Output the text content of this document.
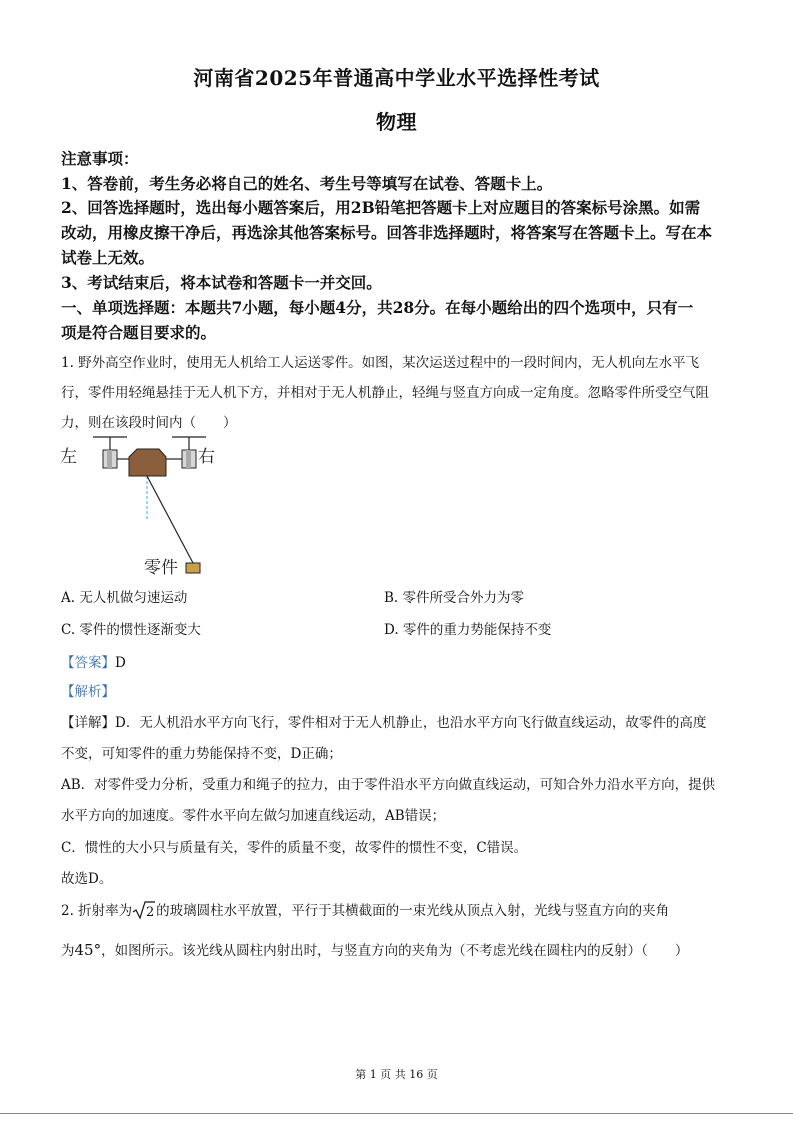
河南省2025年普通高中学业水平选择性考试
物理
注意事项：
1、答卷前，考生务必将自己的姓名、考生号等填写在试卷、答题卡上。
2、回答选择题时，选出每小题答案后，用2B铅笔把答题卡上对应题目的答案标号涂黑。如需
改动，用橡皮擦干净后，再选涂其他答案标号。回答非选择题时，将答案写在答题卡上。写在本
试卷上无效。
3、考试结束后，将本试卷和答题卡一并交回。
一、单项选择题：本题共7小题，每小题4分，共28分。在每小题给出的四个选项中，只有一
项是符合题目要求的。
1. 野外高空作业时，使用无人机给工人运送零件。如图，某次运送过程中的一段时间内，无人机向左水平飞
行，零件用轻绳悬挂于无人机下方，并相对于无人机静止，轻绳与竖直方向成一定角度。忽略零件所受空气阻
力，则在该段时间内（　　）
左	右
零件
A. 无人机做匀速运动	B. 零件所受合外力为零
C. 零件的惯性逐渐变大	D. 零件的重力势能保持不变
【答案】D
【解析】
【详解】D．无人机沿水平方向飞行，零件相对于无人机静止，也沿水平方向飞行做直线运动，故零件的高度
不变，可知零件的重力势能保持不变，D正确；
AB．对零件受力分析，受重力和绳子的拉力，由于零件沿水平方向做直线运动，可知合外力沿水平方向，提供
水平方向的加速度。零件水平向左做匀加速直线运动，AB错误；
C．惯性的大小只与质量有关，零件的质量不变，故零件的惯性不变，C错误。
故选D。
2. 折射率为 2 的玻璃圆柱水平放置，平行于其横截面的一束光线从顶点入射，光线与竖直方向的夹角
为45°，如图所示。该光线从圆柱内射出时，与竖直方向的夹角为（不考虑光线在圆柱内的反射）（　　）
第 1 页 共 16 页
